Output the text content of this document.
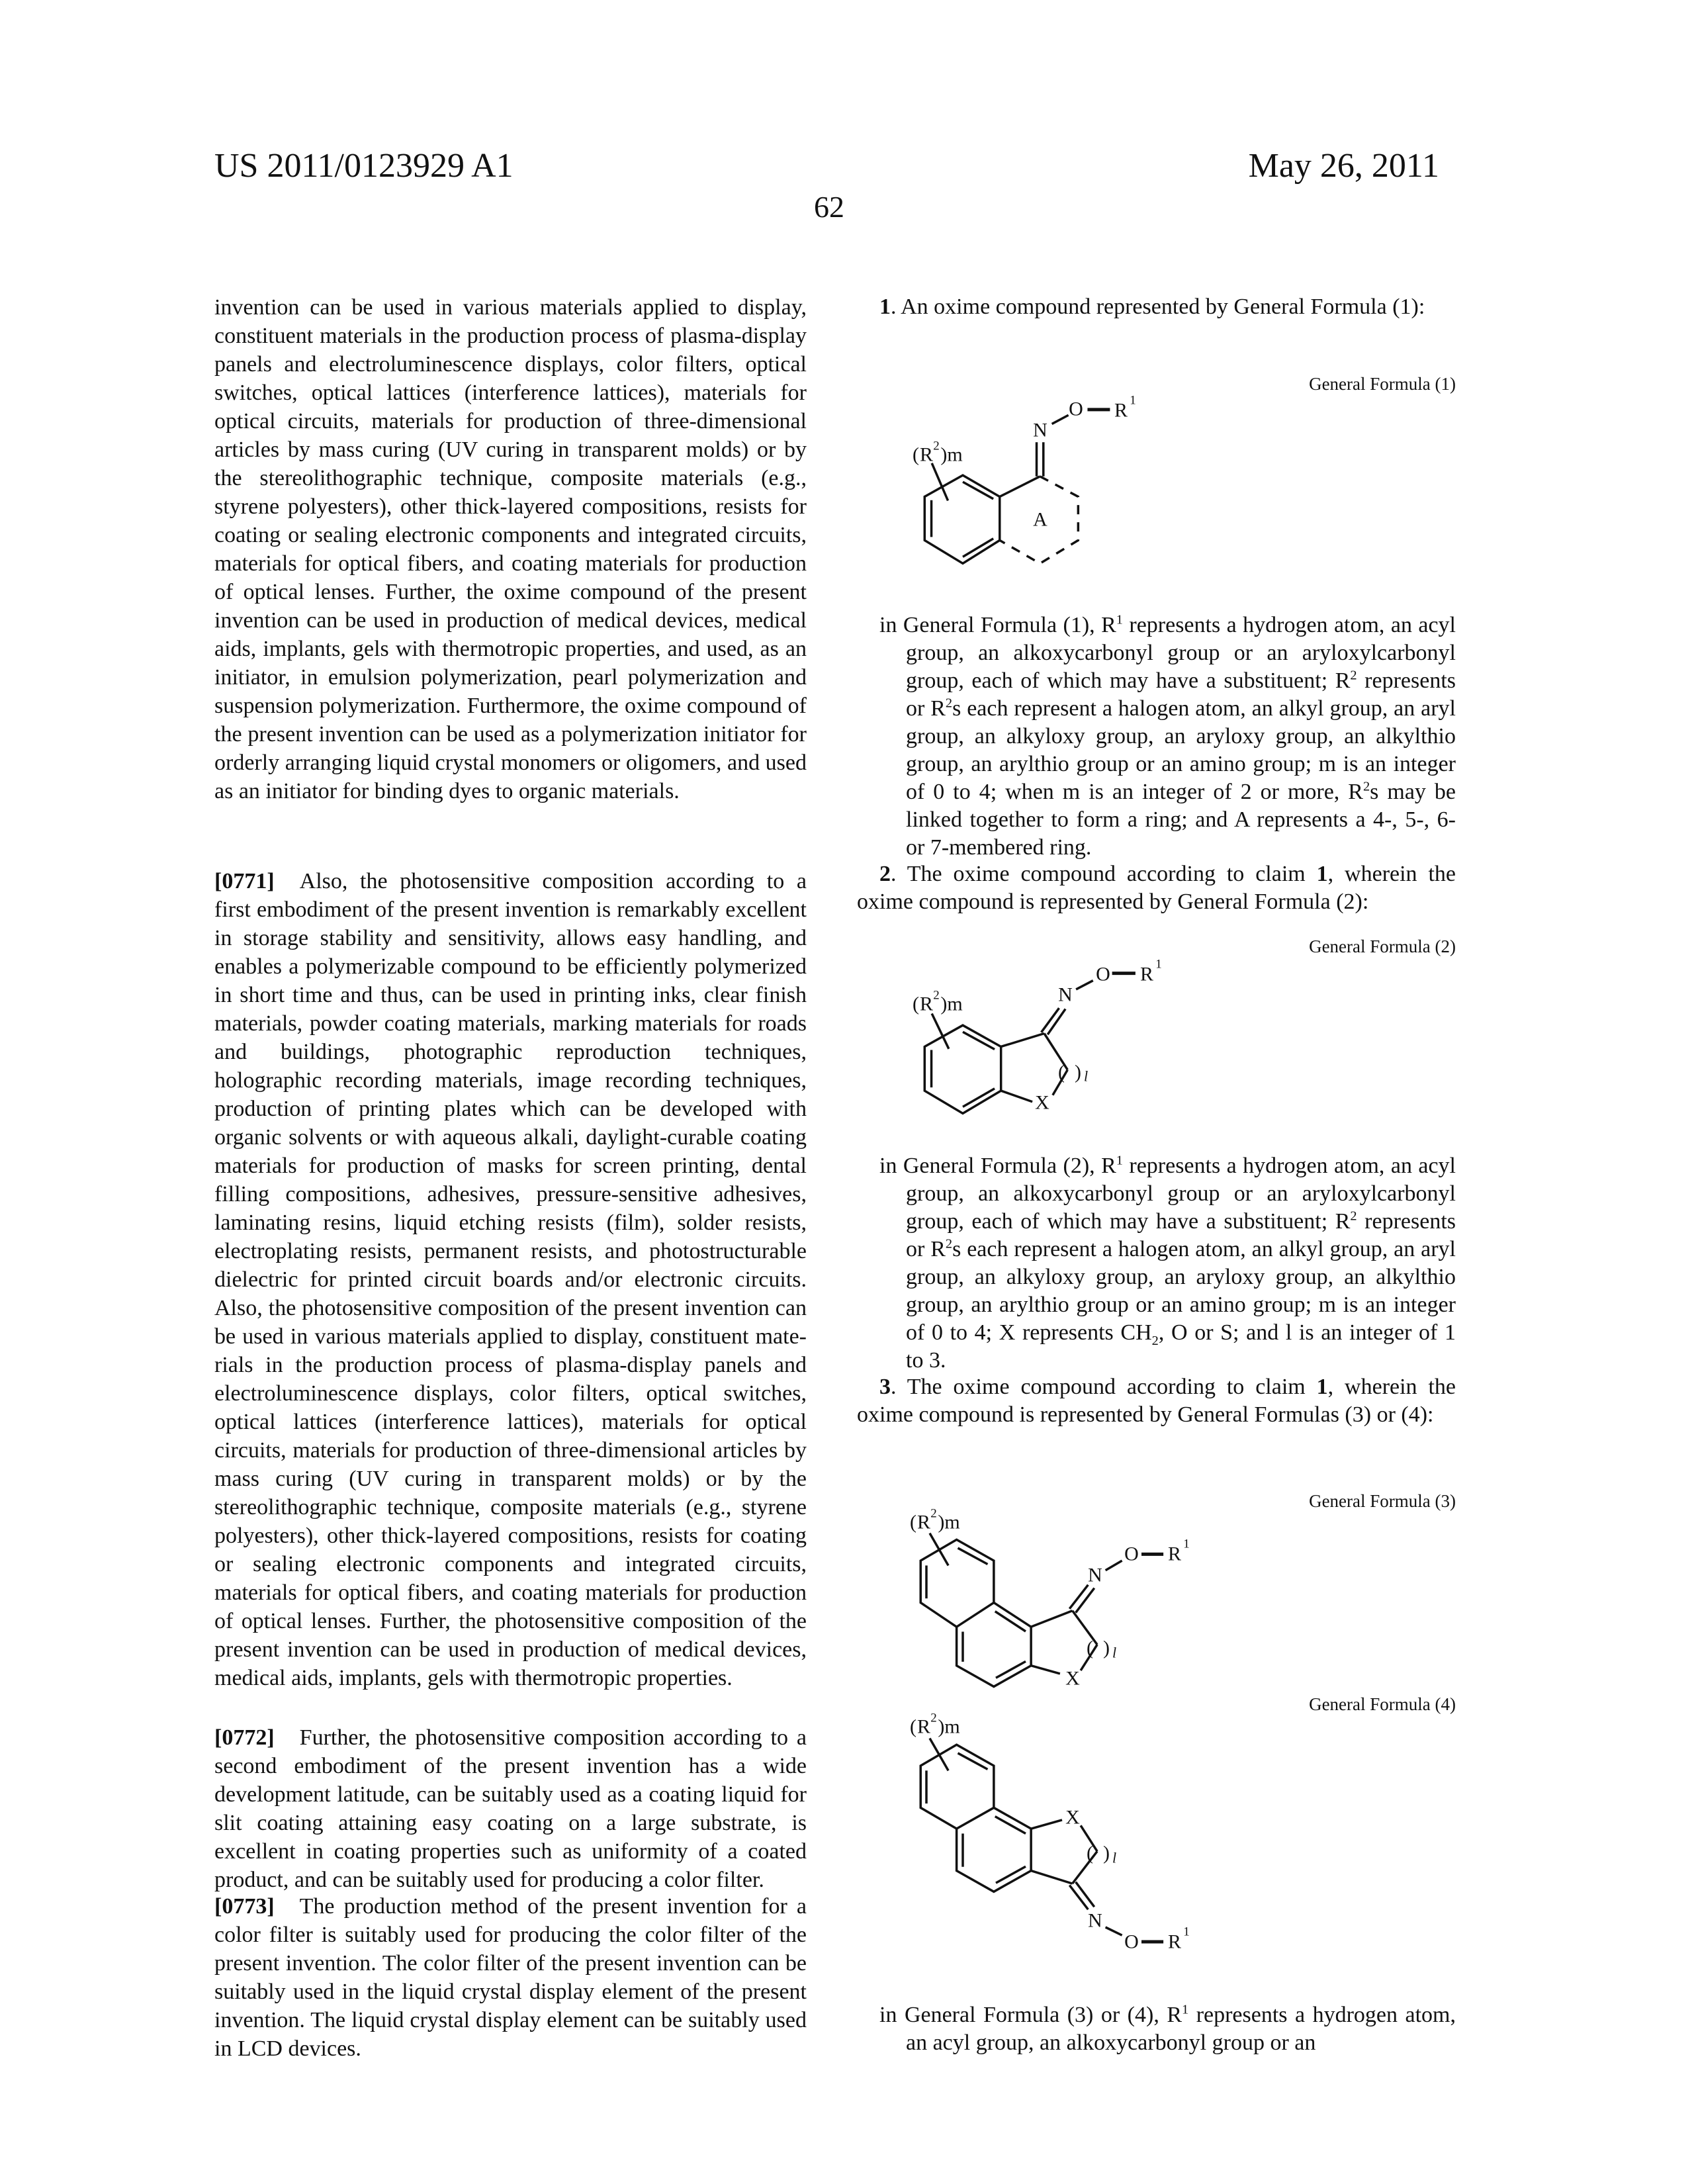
US 2011/0123929 A1
62
May 26, 2011
invention can be used in various materials applied to display, constituent materials in the production process of plasma-display panels and electroluminescence displays, color fil­ters, optical switches, optical lattices (interference lattices), materials for optical circuits, materials for production of three-dimensional articles by mass curing (UV curing in transparent molds) or by the stereolithographic technique, composite materials (e.g., styrene polyesters), other thick-layered compositions, resists for coating or sealing electronic components and integrated circuits, materials for optical fibers, and coating materials for production of optical lenses. Further, the oxime compound of the present invention can be used in production of medical devices, medical aids, implants, gels with thermotropic properties, and used, as an initiator, in emulsion polymerization, pearl polymerization and suspension polymerization. Furthermore, the oxime compound of the present invention can be used as a polymer­ization initiator for orderly arranging liquid crystal mono­mers or oligomers, and used as an initiator for binding dyes to organic materials.
[0771] Also, the photosensitive composition according to a first embodiment of the present invention is remarkably excellent in storage stability and sensitivity, allows easy han­dling, and enables a polymerizable compound to be effi­ciently polymerized in short time and thus, can be used in printing inks, clear finish materials, powder coating materi­als, marking materials for roads and buildings, photographic reproduction techniques, holographic recording materials, image recording techniques, production of printing plates which can be developed with organic solvents or with aque­ous alkali, daylight-curable coating materials for production of masks for screen printing, dental filling compositions, adhesives, pressure-sensitive adhesives, laminating resins, liquid etching resists (film), solder resists, electroplating resists, permanent resists, and photostructurable dielectric for printed circuit boards and/or electronic circuits. Also, the photosensitive composition of the present invention can be used in various materials applied to display, constituent mate­rials in the production process of plasma-display panels and electroluminescence displays, color filters, optical switches, optical lattices (interference lattices), materials for optical circuits, materials for production of three-dimensional articles by mass curing (UV curing in transparent molds) or by the stereolithographic technique, composite materials (e.g., styrene polyesters), other thick-layered compositions, resists for coating or sealing electronic components and inte­grated circuits, materials for optical fibers, and coating mate­rials for production of optical lenses. Further, the photosen­sitive composition of the present invention can be used in production of medical devices, medical aids, implants, gels with thermotropic properties.
[0772] Further, the photosensitive composition according to a second embodiment of the present invention has a wide development latitude, can be suitably used as a coating liquid for slit coating attaining easy coating on a large substrate, is excellent in coating properties such as uniformity of a coated product, and can be suitably used for producing a color filter.
[0773] The production method of the present invention for a color filter is suitably used for producing the color filter of the present invention. The color filter of the present invention can be suitably used in the liquid crystal display element of the present invention. The liquid crystal display element can be suitably used in LCD devices.
1. An oxime compound represented by General Formula (1):
General Formula (1)
in General Formula (1), R1 represents a hydrogen atom, an acyl group, an alkoxycarbonyl group or an aryloxylcar­bonyl group, each of which may have a substituent; R2 represents or R2s each represent a halogen atom, an alkyl group, an aryl group, an alkyloxy group, an aryloxy group, an alkylthio group, an arylthio group or an amino group; m is an integer of 0 to 4; when m is an integer of 2 or more, R2s may be linked together to form a ring; and A represents a 4-, 5-, 6- or 7-membered ring.
2. The oxime compound according to claim 1, wherein the oxime compound is represented by General Formula (2):
General Formula (2)
in General Formula (2), R1 represents a hydrogen atom, an acyl group, an alkoxycarbonyl group or an aryloxylcar­bonyl group, each of which may have a substituent; R2 represents or R2s each represent a halogen atom, an alkyl group, an aryl group, an alkyloxy group, an aryloxy group, an alkylthio group, an arylthio group or an amino group; m is an integer of 0 to 4; X represents CH2, O or S; and l is an integer of 1 to 3.
3. The oxime compound according to claim 1, wherein the oxime compound is represented by General Formulas (3) or (4):
General Formula (3)
General Formula (4)
in General Formula (3) or (4), R1 represents a hydrogen atom, an acyl group, an alkoxycarbonyl group or an
N
O R 1
( R 2 )m
A
N
O R 1
X
( ) l
( R 2 )m
N
O R 1
X
( ) l
( R 2 )m
X
( ) l
N
O R 1
( R 2 )m
